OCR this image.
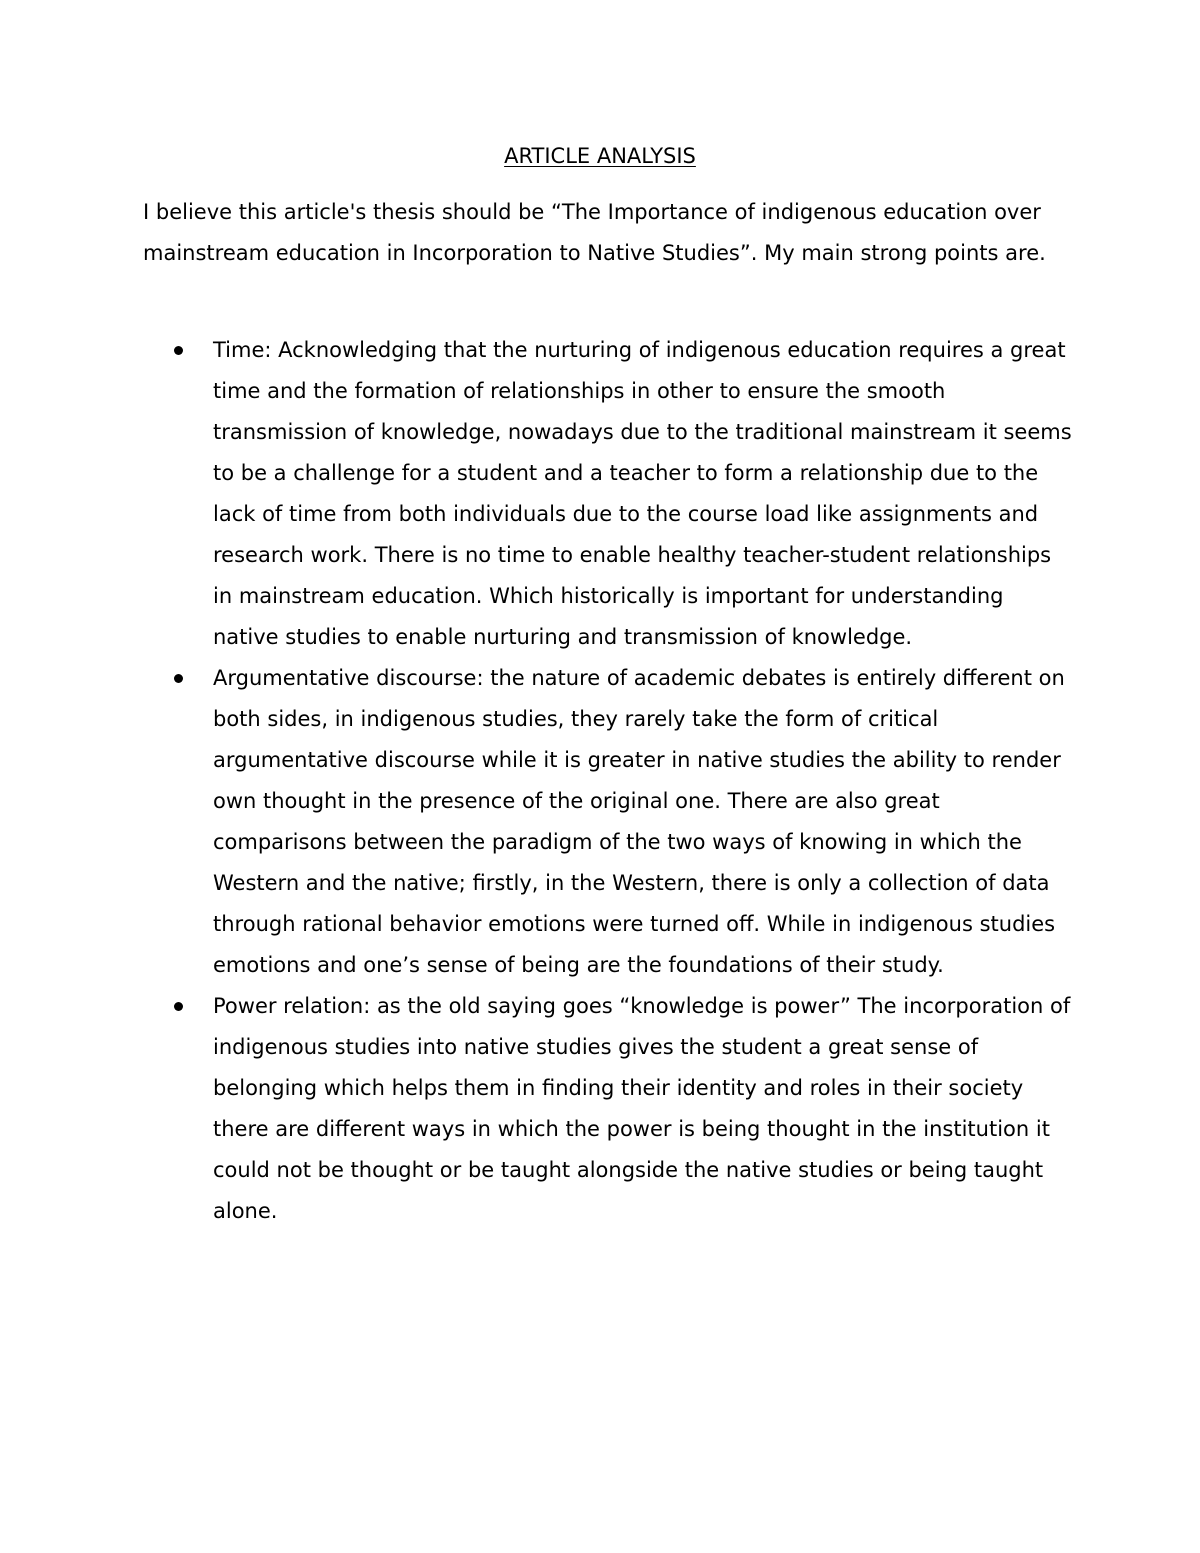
ARTICLE ANALYSIS

I believe this article's thesis should be “The Importance of indigenous education over mainstream education in Incorporation to Native Studies”. My main strong points are.

Time: Acknowledging that the nurturing of indigenous education requires a great time and the formation of relationships in other to ensure the smooth transmission of knowledge, nowadays due to the traditional mainstream it seems to be a challenge for a student and a teacher to form a relationship due to the lack of time from both individuals due to the course load like assignments and research work. There is no time to enable healthy teacher-student relationships in mainstream education. Which historically is important for understanding native studies to enable nurturing and transmission of knowledge.
Argumentative discourse: the nature of academic debates is entirely different on both sides, in indigenous studies, they rarely take the form of critical argumentative discourse while it is greater in native studies the ability to render own thought in the presence of the original one. There are also great comparisons between the paradigm of the two ways of knowing in which the Western and the native; firstly, in the Western, there is only a collection of data through rational behavior emotions were turned off. While in indigenous studies emotions and one’s sense of being are the foundations of their study.
Power relation: as the old saying goes “knowledge is power” The incorporation of indigenous studies into native studies gives the student a great sense of belonging which helps them in finding their identity and roles in their society there are different ways in which the power is being thought in the institution it could not be thought or be taught alongside the native studies or being taught alone.
